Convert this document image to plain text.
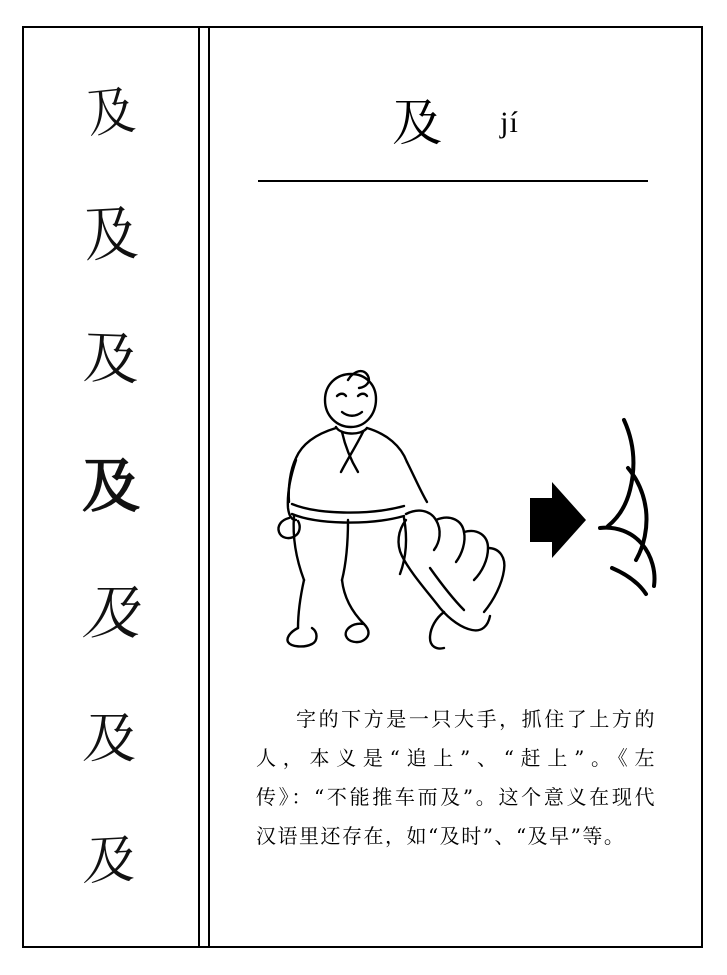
及
及
及
及
及
及
及
及 jí
字的下方是一只大手，抓住了上方的人，本义是“追上”、“赶上”。《左传》：“不能推车而及”。这个意义在现代汉语里还存在，如“及时”、“及早”等。
